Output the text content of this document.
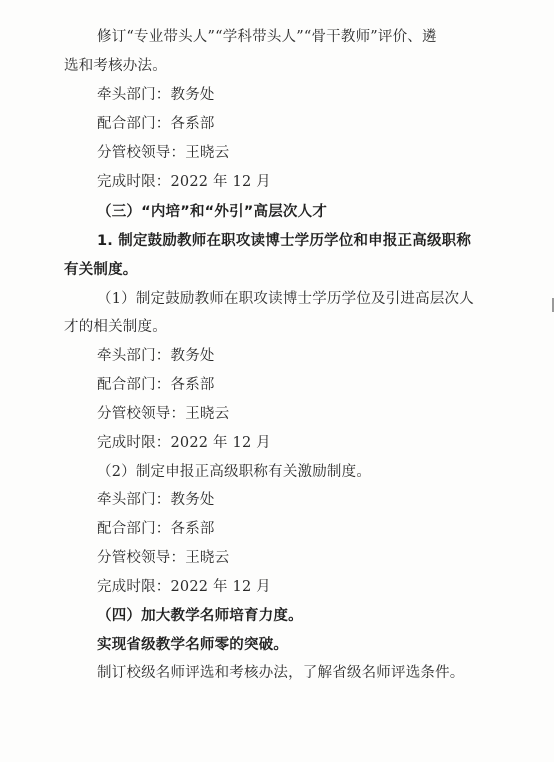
修订“专业带头人”“学科带头人”“骨干教师”评价、遴
选和考核办法。
牵头部门：教务处
配合部门：各系部
分管校领导：王晓云
完成时限：2022 年 12 月
（三）“内培”和“外引”高层次人才
1. 制定鼓励教师在职攻读博士学历学位和申报正高级职称
有关制度。
（1）制定鼓励教师在职攻读博士学历学位及引进高层次人
才的相关制度。
牵头部门：教务处
配合部门：各系部
分管校领导：王晓云
完成时限：2022 年 12 月
（2）制定申报正高级职称有关激励制度。
牵头部门：教务处
配合部门：各系部
分管校领导：王晓云
完成时限：2022 年 12 月
（四）加大教学名师培育力度。
实现省级教学名师零的突破。
制订校级名师评选和考核办法，了解省级名师评选条件。
